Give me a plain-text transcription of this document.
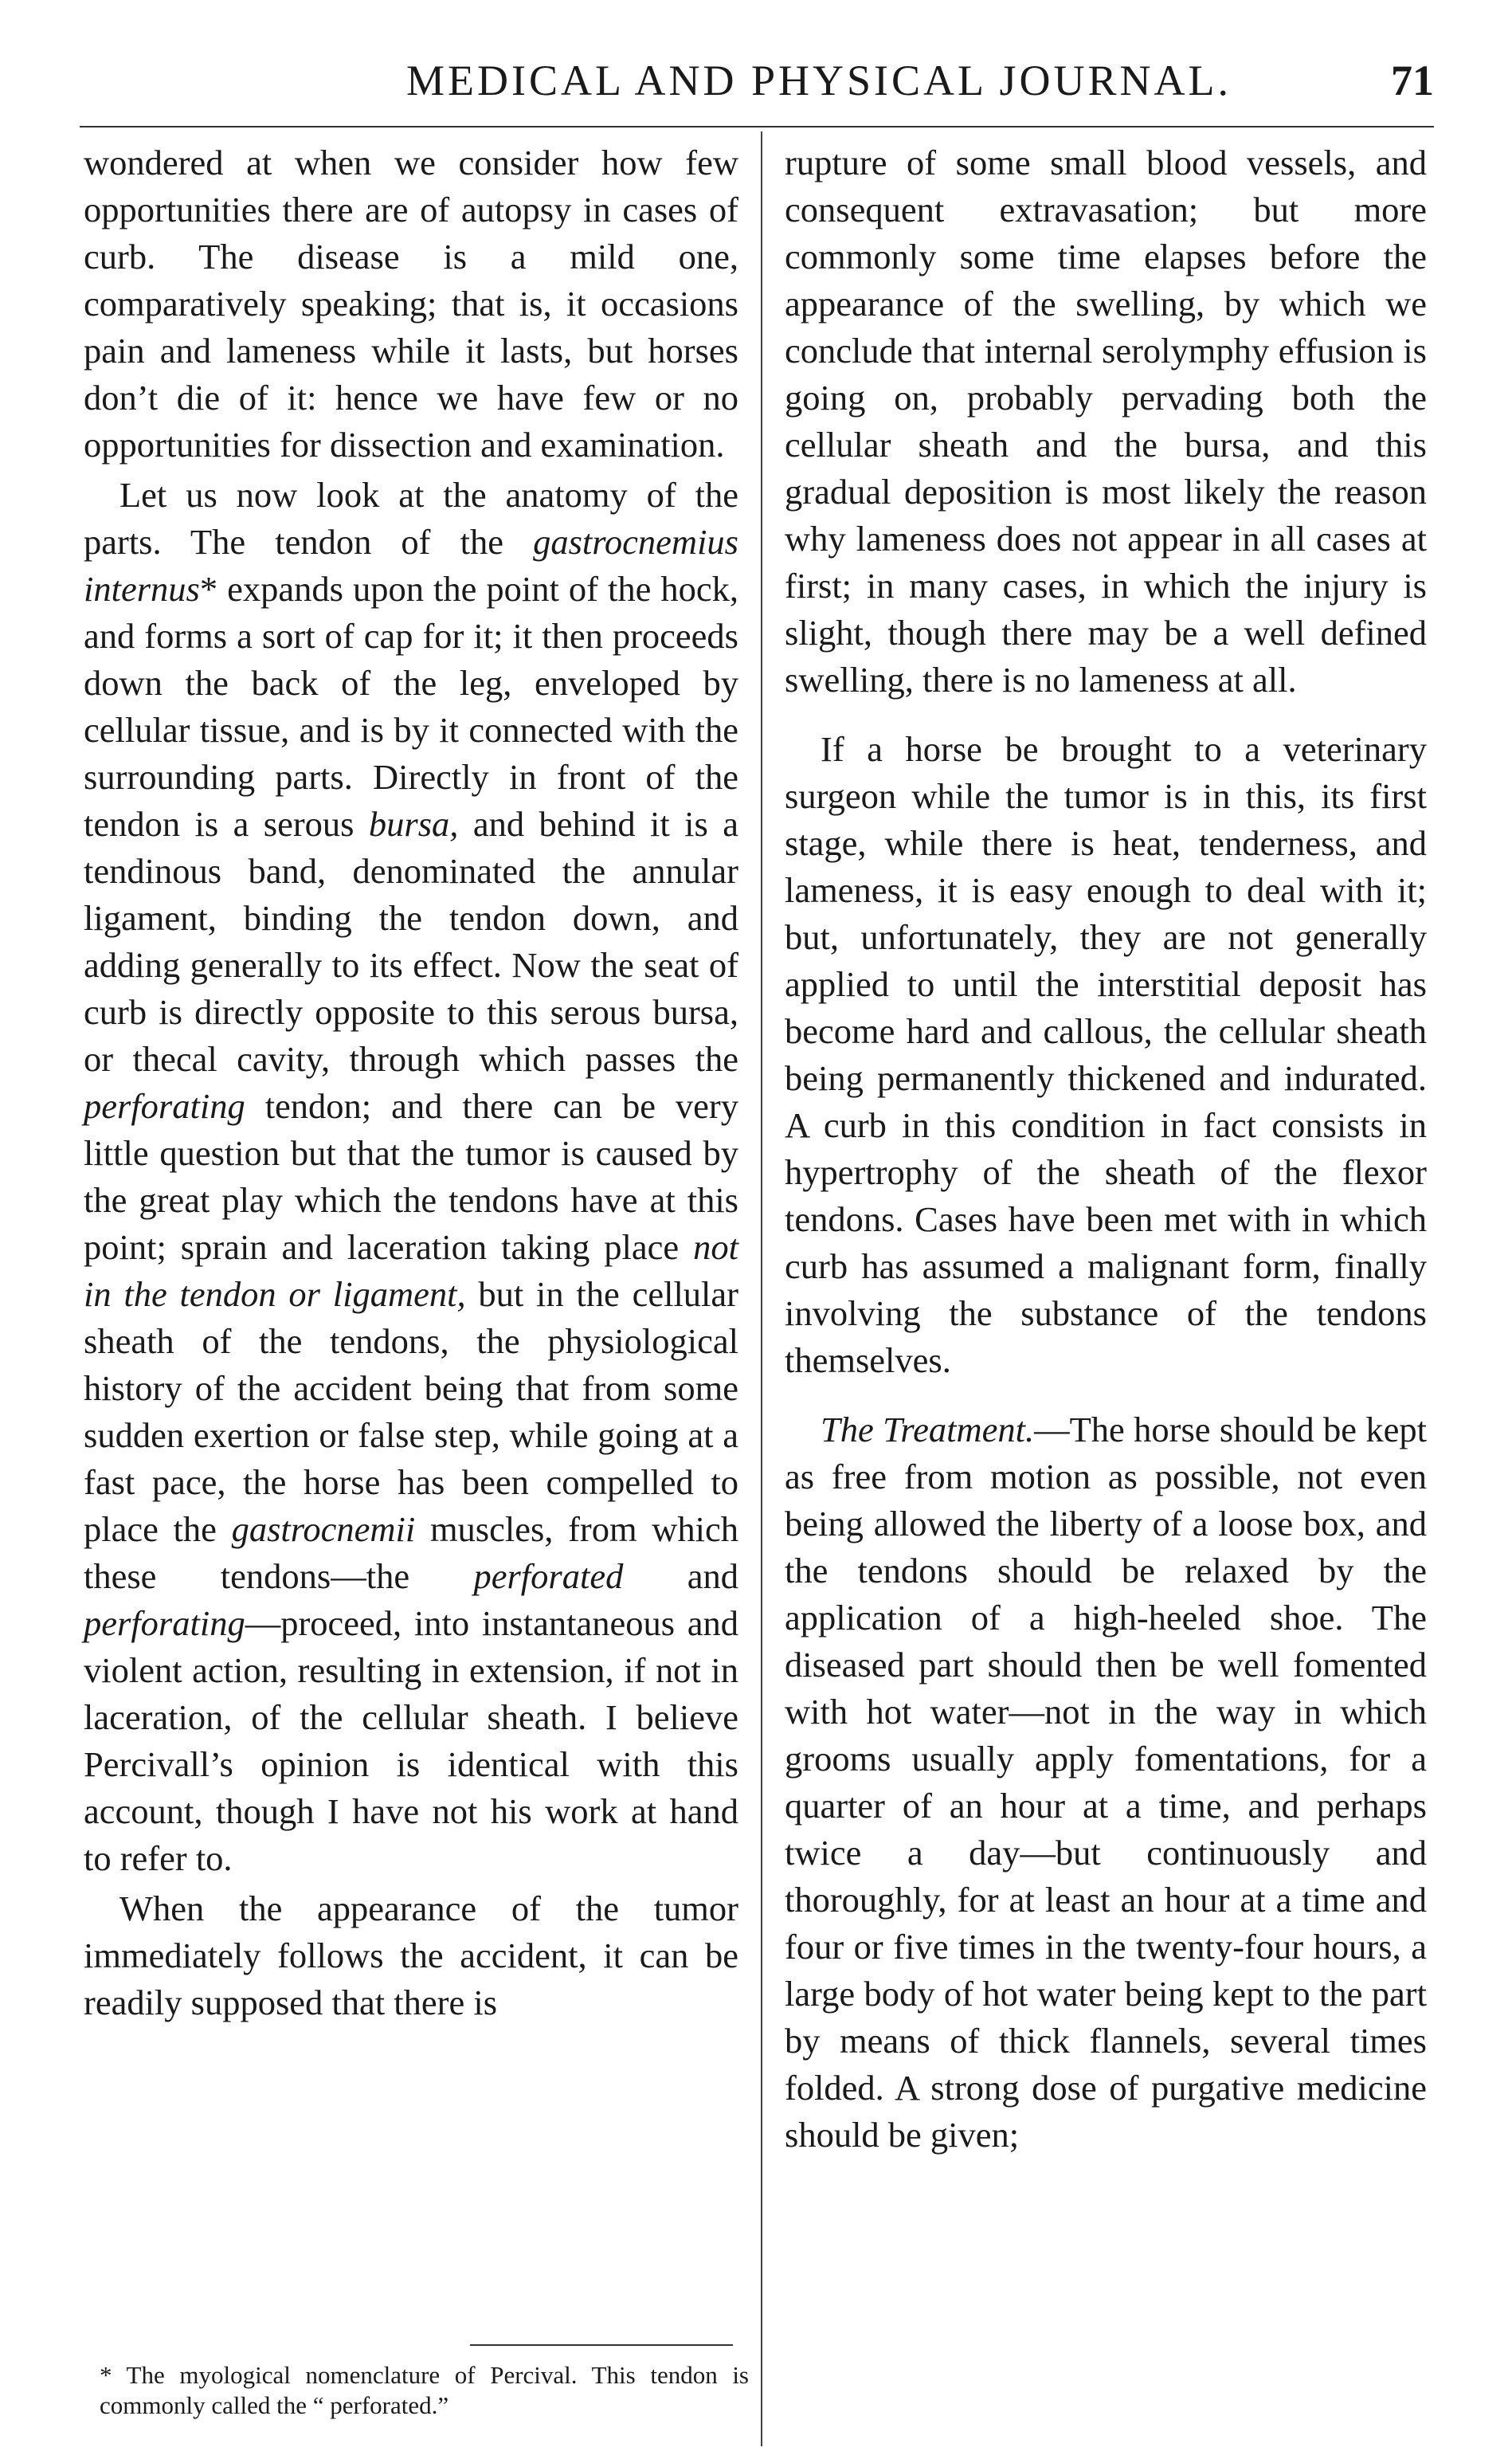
MEDICAL AND PHYSICAL JOURNAL.	71

wondered at when we consider how few opportunities there are of autopsy in cases of curb. The disease is a mild one, comparatively speaking; that is, it occasions pain and lameness while it lasts, but horses don’t die of it: hence we have few or no opportunities for dissection and examination.

Let us now look at the anatomy of the parts. The tendon of the gastrocnemius internus* expands upon the point of the hock, and forms a sort of cap for it; it then proceeds down the back of the leg, enveloped by cellular tissue, and is by it connected with the surrounding parts. Directly in front of the tendon is a serous bursa, and behind it is a tendinous band, denominated the annular ligament, binding the tendon down, and adding generally to its effect. Now the seat of curb is directly opposite to this serous bursa, or thecal cavity, through which passes the perforating tendon; and there can be very little question but that the tumor is caused by the great play which the tendons have at this point; sprain and laceration taking place not in the tendon or ligament, but in the cellular sheath of the tendons, the physiological history of the accident being that from some sudden exertion or false step, while going at a fast pace, the horse has been compelled to place the gastrocnemii muscles, from which these tendons—the perforated and perforating—proceed, into instantaneous and violent action, resulting in extension, if not in laceration, of the cellular sheath. I believe Percivall’s opinion is identical with this account, though I have not his work at hand to refer to.

When the appearance of the tumor immediately follows the accident, it can be readily supposed that there is

rupture of some small blood vessels, and consequent extravasation; but more commonly some time elapses before the appearance of the swelling, by which we conclude that internal serolymphy effusion is going on, probably pervading both the cellular sheath and the bursa, and this gradual deposition is most likely the reason why lameness does not appear in all cases at first; in many cases, in which the injury is slight, though there may be a well defined swelling, there is no lameness at all.

If a horse be brought to a veterinary surgeon while the tumor is in this, its first stage, while there is heat, tenderness, and lameness, it is easy enough to deal with it; but, unfortunately, they are not generally applied to until the interstitial deposit has become hard and callous, the cellular sheath being permanently thickened and indurated. A curb in this condition in fact consists in hypertrophy of the sheath of the flexor tendons. Cases have been met with in which curb has assumed a malignant form, finally involving the substance of the tendons themselves.

The Treatment.—The horse should be kept as free from motion as possible, not even being allowed the liberty of a loose box, and the tendons should be relaxed by the application of a high-heeled shoe. The diseased part should then be well fomented with hot water—not in the way in which grooms usually apply fomentations, for a quarter of an hour at a time, and perhaps twice a day—but continuously and thoroughly, for at least an hour at a time and four or five times in the twenty-four hours, a large body of hot water being kept to the part by means of thick flannels, several times folded. A strong dose of purgative medicine should be given;

* The myological nomenclature of Percival. This tendon is commonly called the “ perforated.”
